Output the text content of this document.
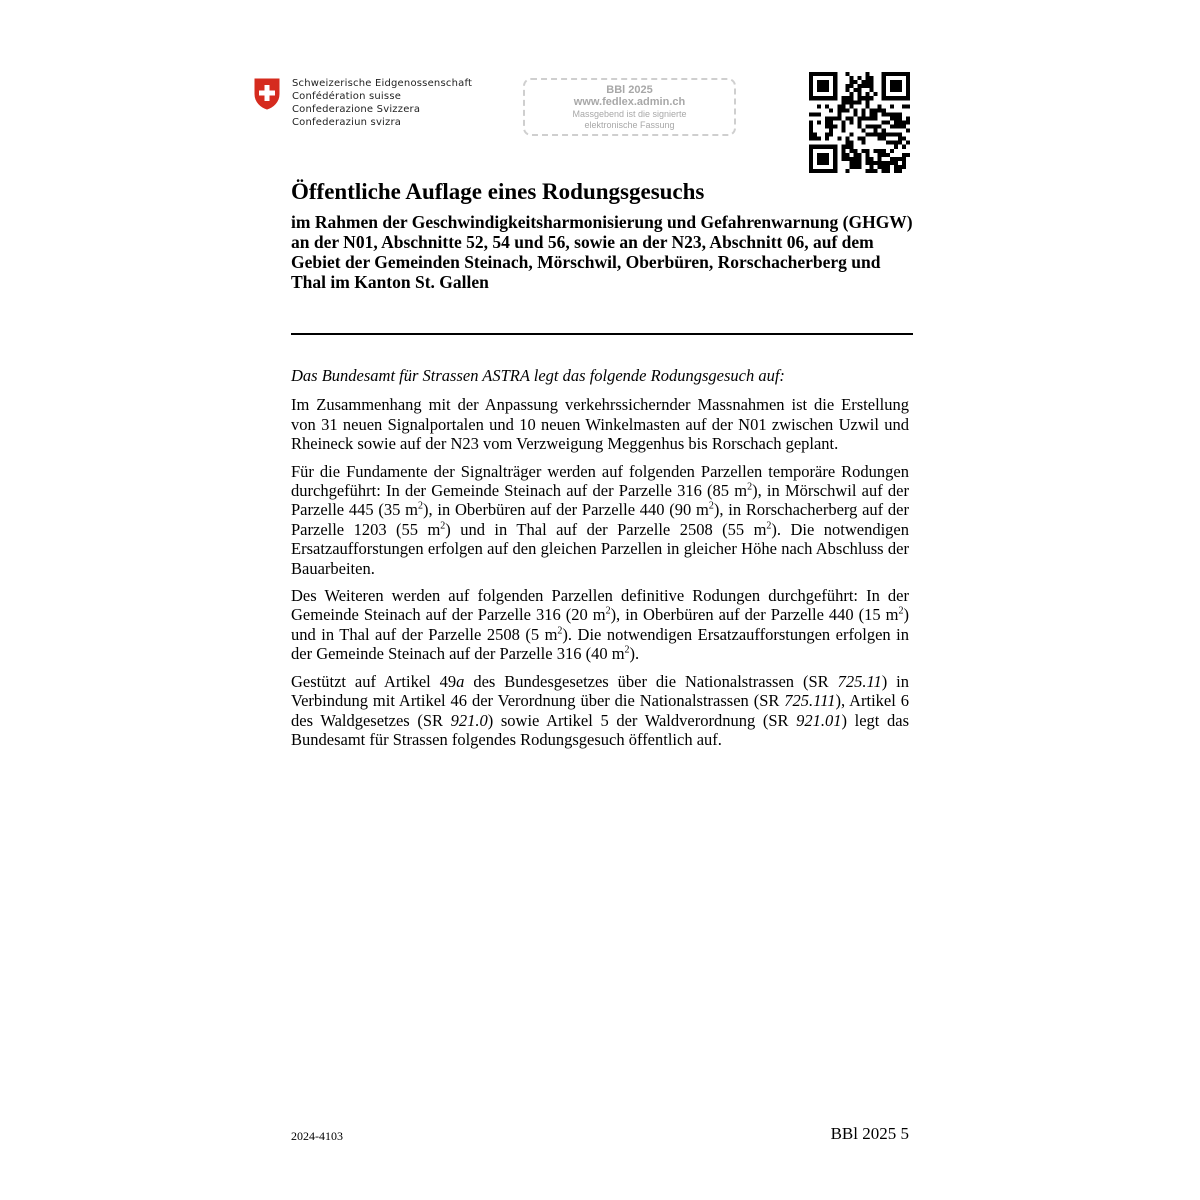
Schweizerische Eidgenossenschaft
Confédération suisse
Confederazione Svizzera
Confederaziun svizra
BBl 2025
www.fedlex.admin.ch
Massgebend ist die signierte
elektronische Fassung
Öffentliche Auflage eines Rodungsgesuchs
im Rahmen der Geschwindigkeitsharmonisierung und Gefahrenwarnung (GHGW) an der N01, Abschnitte 52, 54 und 56, sowie an der N23, Abschnitt 06, auf dem Gebiet der Gemeinden Steinach, Mörschwil, Oberbüren, Rorschacherberg und Thal im Kanton St. Gallen

Das Bundesamt für Strassen ASTRA legt das folgende Rodungsgesuch auf:

Im Zusammenhang mit der Anpassung verkehrssichernder Massnahmen ist die Erstellung von 31 neuen Signalportalen und 10 neuen Winkelmasten auf der N01 zwischen Uzwil und Rheineck sowie auf der N23 vom Verzweigung Meggenhus bis Rorschach geplant.

Für die Fundamente der Signalträger werden auf folgenden Parzellen temporäre Rodungen durchgeführt: In der Gemeinde Steinach auf der Parzelle 316 (85 $m^2$), in Mörschwil auf der Parzelle 445 (35 $m^2$), in Oberbüren auf der Parzelle 440 (90 $m^2$), in Rorschacherberg auf der Parzelle 1203 (55 $m^2$) und in Thal auf der Parzelle 2508 (55 $m^2$). Die notwendigen Ersatzaufforstungen erfolgen auf den gleichen Parzellen in gleicher Höhe nach Abschluss der Bauarbeiten.

Des Weiteren werden auf folgenden Parzellen definitive Rodungen durchgeführt: In der Gemeinde Steinach auf der Parzelle 316 (20 $m^2$), in Oberbüren auf der Parzelle 440 (15 $m^2$) und in Thal auf der Parzelle 2508 (5 $m^2$). Die notwendigen Ersatzaufforstungen erfolgen in der Gemeinde Steinach auf der Parzelle 316 (40 $m^2$).

Gestützt auf Artikel 49a des Bundesgesetzes über die Nationalstrassen (SR 725.11) in Verbindung mit Artikel 46 der Verordnung über die Nationalstrassen (SR 725.111), Artikel 6 des Waldgesetzes (SR 921.0) sowie Artikel 5 der Waldverordnung (SR 921.01) legt das Bundesamt für Strassen folgendes Rodungsgesuch öffentlich auf.

2024-4103	BBl 2025 5
